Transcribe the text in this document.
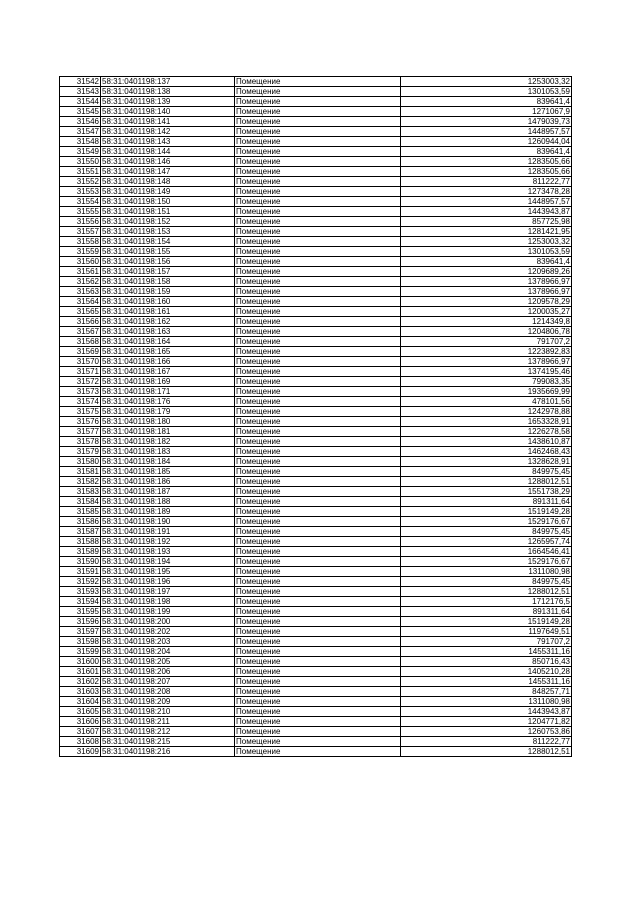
31542	58:31:0401198:137	Помещение	1253003,32
31543	58:31:0401198:138	Помещение	1301053,59
31544	58:31:0401198:139	Помещение	839641,4
31545	58:31:0401198:140	Помещение	1271067,9
31546	58:31:0401198:141	Помещение	1479039,73
31547	58:31:0401198:142	Помещение	1448957,57
31548	58:31:0401198:143	Помещение	1260944,04
31549	58:31:0401198:144	Помещение	839641,4
31550	58:31:0401198:146	Помещение	1283505,66
31551	58:31:0401198:147	Помещение	1283505,66
31552	58:31:0401198:148	Помещение	811222,77
31553	58:31:0401198:149	Помещение	1273478,28
31554	58:31:0401198:150	Помещение	1448957,57
31555	58:31:0401198:151	Помещение	1443943,87
31556	58:31:0401198:152	Помещение	857725,98
31557	58:31:0401198:153	Помещение	1281421,95
31558	58:31:0401198:154	Помещение	1253003,32
31559	58:31:0401198:155	Помещение	1301053,59
31560	58:31:0401198:156	Помещение	839641,4
31561	58:31:0401198:157	Помещение	1209689,26
31562	58:31:0401198:158	Помещение	1378966,97
31563	58:31:0401198:159	Помещение	1378966,97
31564	58:31:0401198:160	Помещение	1209578,29
31565	58:31:0401198:161	Помещение	1200035,27
31566	58:31:0401198:162	Помещение	1214349,8
31567	58:31:0401198:163	Помещение	1204806,78
31568	58:31:0401198:164	Помещение	791707,2
31569	58:31:0401198:165	Помещение	1223892,83
31570	58:31:0401198:166	Помещение	1378966,97
31571	58:31:0401198:167	Помещение	1374195,46
31572	58:31:0401198:169	Помещение	799083,35
31573	58:31:0401198:171	Помещение	1935669,99
31574	58:31:0401198:176	Помещение	478101,56
31575	58:31:0401198:179	Помещение	1242978,88
31576	58:31:0401198:180	Помещение	1653328,91
31577	58:31:0401198:181	Помещение	1226278,58
31578	58:31:0401198:182	Помещение	1438610,87
31579	58:31:0401198:183	Помещение	1462468,43
31580	58:31:0401198:184	Помещение	1328628,91
31581	58:31:0401198:185	Помещение	849975,45
31582	58:31:0401198:186	Помещение	1288012,51
31583	58:31:0401198:187	Помещение	1551738,29
31584	58:31:0401198:188	Помещение	891311,64
31585	58:31:0401198:189	Помещение	1519149,28
31586	58:31:0401198:190	Помещение	1529176,67
31587	58:31:0401198:191	Помещение	849975,45
31588	58:31:0401198:192	Помещение	1265957,74
31589	58:31:0401198:193	Помещение	1664546,41
31590	58:31:0401198:194	Помещение	1529176,67
31591	58:31:0401198:195	Помещение	1311080,98
31592	58:31:0401198:196	Помещение	849975,45
31593	58:31:0401198:197	Помещение	1288012,51
31594	58:31:0401198:198	Помещение	1712176,5
31595	58:31:0401198:199	Помещение	891311,64
31596	58:31:0401198:200	Помещение	1519149,28
31597	58:31:0401198:202	Помещение	1197649,51
31598	58:31:0401198:203	Помещение	791707,2
31599	58:31:0401198:204	Помещение	1455311,16
31600	58:31:0401198:205	Помещение	850716,43
31601	58:31:0401198:206	Помещение	1405210,28
31602	58:31:0401198:207	Помещение	1455311,16
31603	58:31:0401198:208	Помещение	848257,71
31604	58:31:0401198:209	Помещение	1311080,98
31605	58:31:0401198:210	Помещение	1443943,87
31606	58:31:0401198:211	Помещение	1204771,82
31607	58:31:0401198:212	Помещение	1260753,86
31608	58:31:0401198:215	Помещение	811222,77
31609	58:31:0401198:216	Помещение	1288012,51
